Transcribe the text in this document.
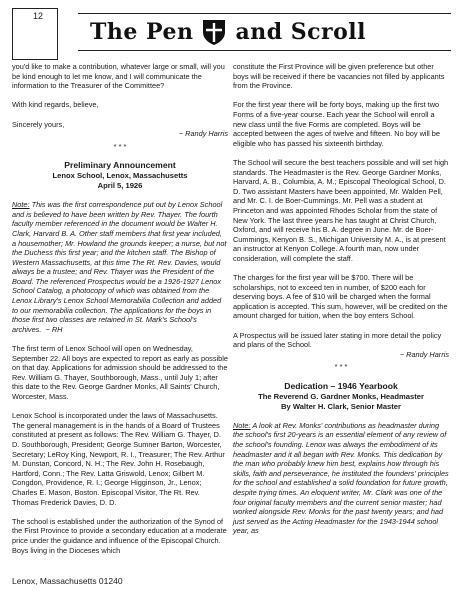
12
The Pen and Scroll

you'd like to make a contribution, whatever large or small, will you be kind enough to let me know, and I will communicate the information to the Treasurer of the Committee?

With kind regards, believe,

Sincerely yours,

~ Randy Harris
* * *
Preliminary Announcement
Lenox School, Lenox, Massachusetts
April 5, 1926

Note: This was the first correspondence put out by Lenox School and is believed to have been written by Rev. Thayer. The fourth faculty member referenced in the document would be Walter H. Clark, Harvard B. A. Other staff members that first year included, a housemother; Mr. Howland the grounds keeper; a nurse, but not the Duchess this first year; and the kitchen staff. The Bishop of Western Massachusetts, at this time The Rt. Rev. Davies, would always be a trustee; and Rev. Thayer was the President of the Board. The referenced Prospectus would be a 1926-1927 Lenox School Catalog, a photocopy of which was obtained from the Lenox Library's Lenox School Memorabilia Collection and added to our memorabilia collection. The applications for the boys in those first two classes are retained in St. Mark's School's archives. ~ RH

The first term of Lenox School will open on Wednesday, September 22. All boys are expected to report as early as possible on that day. Applications for admission should be addressed to the Rev. William G. Thayer, Southborough, Mass., until July 1; after this date to the Rev. George Gardner Monks, All Saints' Church, Worcester, Mass.

Lenox School is incorporated under the laws of Massachusetts. The general management is in the hands of a Board of Trustees constituted at present as follows: The Rev. William G. Thayer, D. D. Southborough, President; George Sumner Barton, Worcester, Secretary; LeRoy King, Newport, R. I., Treasurer; The Rev. Arthur M. Dunstan, Concord, N. H.; The Rev. John H. Rosebaugh, Hartford, Conn.; The Rev. Latta Griswold, Lenox; Gilbert M. Congdon, Providence, R. I.; George Higginson, Jr., Lenox; Charles E. Mason, Boston. Episcopal Visitor, The Rt. Rev. Thomas Frederick Davies, D. D.

The school is established under the authorization of the Synod of the First Province to provide a secondary education at a moderate price under the guidance and influence of the Episcopal Church. Boys living in the Dioceses which

constitute the First Province will be given preference but other boys will be received if there be vacancies not filled by applicants from the Province.

For the first year there will be forty boys, making up the first two Forms of a five-year course. Each year the School will enroll a new class until the five Forms are completed. Boys will be accepted between the ages of twelve and fifteen. No boy will be eligible who has passed his sixteenth birthday.

The School will secure the best teachers possible and will set high standards. The Headmaster is the Rev. George Gardner Monks, Harvard, A. B., Columbia, A. M.; Episcopal Theological School, D. D. Two assistant Masters have been appointed, Mr. Walden Pell, and Mr. C. I. de Boer-Cummings. Mr. Pell was a student at Princeton and was appointed Rhodes Scholar from the state of New York. The last three years he has taught at Christ Church, Oxford, and will receive his B. A. degree in June. Mr. de Boer-Cummings, Kenyon B. S., Michigan University M. A., is at present an instructor at Kenyon College. A fourth man, now under consideration, will complete the staff.

The charges for the first year will be $700. There will be scholarships, not to exceed ten in number, of $200 each for deserving boys. A fee of $10 will be charged when the formal application is accepted. This sum, however, will be credited on the amount charged for tuition, when the boy enters School.

A Prospectus will be issued later stating in more detail the policy and plans of the School.

~ Randy Harris
* * *
Dedication – 1946 Yearbook
The Reverend G. Gardner Monks, Headmaster
By Walter H. Clark, Senior Master

Note: A look at Rev. Monks' contributions as headmaster during the school's first 20-years is an essential element of any review of the school's founding. Lenox was always the embodiment of its headmaster and it all began with Rev. Monks. This dedication by the man who probably knew him best, explains how through his skills, faith and perseverance, he instituted the founders' principles for the school and established a solid foundation for future growth, despite trying times. An eloquent writer, Mr. Clark was one of the four original faculty members and the current senior master; had worked alongside Rev. Monks for the past twenty years; and had just served as the Acting Headmaster for the 1943-1944 school year, as

Lenox, Massachusetts 01240
